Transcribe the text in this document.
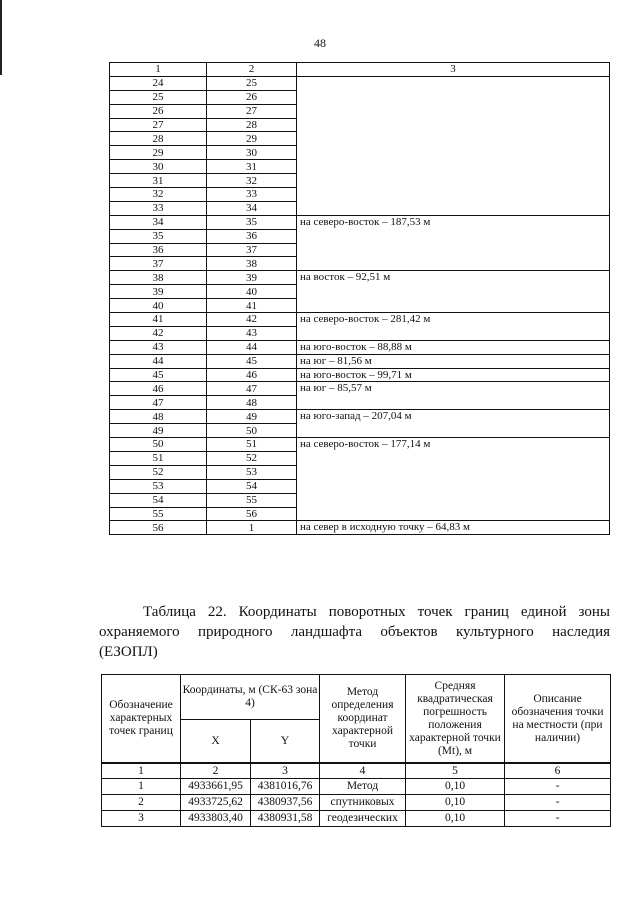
48
1	2	3
24	25	
25	26	
26	27	
27	28	
28	29	
29	30	
30	31	
31	32	
32	33	
33	34	
34	35	на северо-восток – 187,53 м
35	36	
36	37	
37	38	
38	39	на восток – 92,51 м
39	40	
40	41	
41	42	на северо-восток – 281,42 м
42	43	
43	44	на юго-восток – 88,88 м
44	45	на юг – 81,56 м
45	46	на юго-восток – 99,71 м
46	47	на юг – 85,57 м
47	48	
48	49	на юго-запад – 207,04 м
49	50	
50	51	на северо-восток – 177,14 м
51	52	
52	53	
53	54	
54	55	
55	56	
56	1	на север в исходную точку – 64,83 м
Таблица 22. Координаты поворотных точек границ единой зоны
охраняемого природного ландшафта объектов культурного наследия
(ЕЗОПЛ)
Обозначение характерных точек границ	Координаты, м (СК-63 зона 4)		Метод определения координат характерной точки	Средняя квадратическая погрешность положения характерной точки (Mt), м	Описание обозначения точки на местности (при наличии)
	X	Y			
1	2	3	4	5	6
1	4933661,95	4381016,76	Метод	0,10	-
2	4933725,62	4380937,56	спутниковых	0,10	-
3	4933803,40	4380931,58	геодезических	0,10	-
